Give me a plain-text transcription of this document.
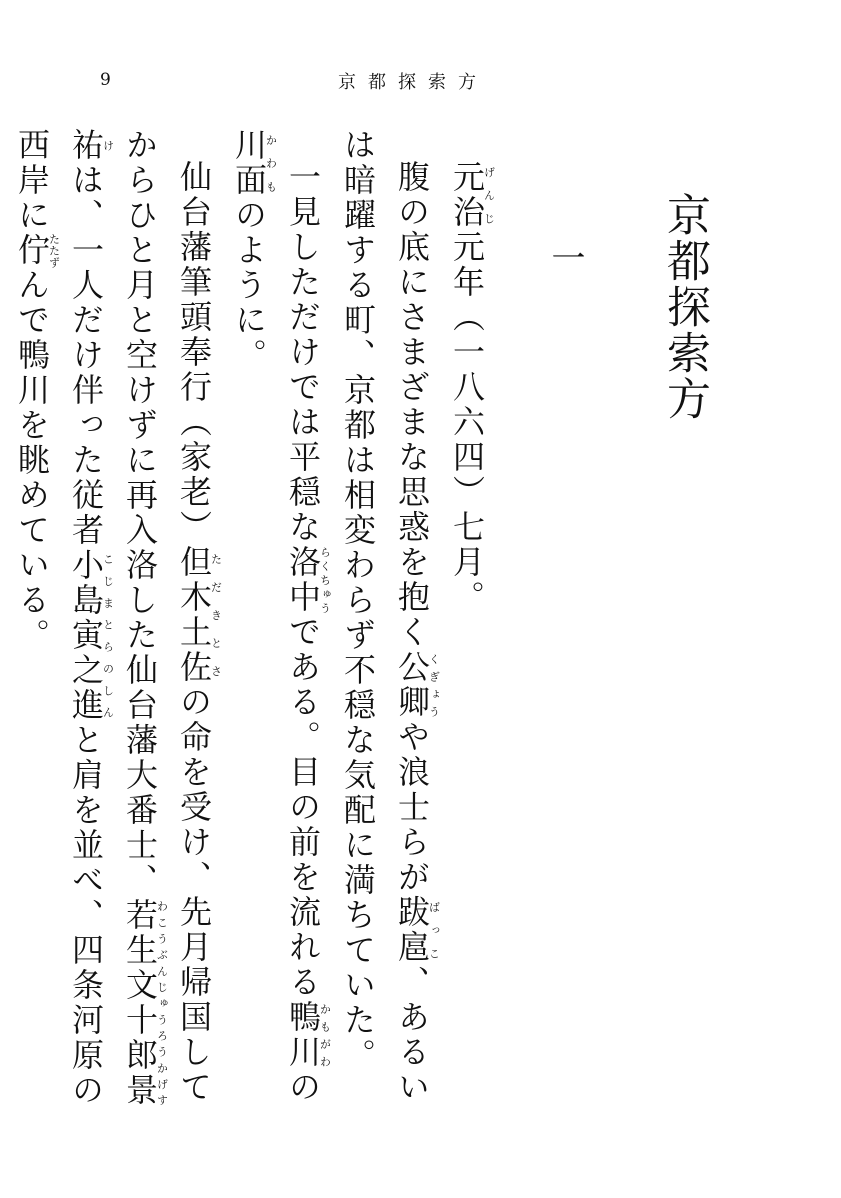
9	京都探索方
京都探索方
一

元治げんじ元年（一八六四）七月。

腹の底にさまざまな思惑を抱く公卿くぎょうや浪士らが跋扈ばっこ、あるいは暗躍する町、京都は相変わらず不穏な気配に満ちていた。

一見しただけでは平穏な洛中らくちゅうである。目の前を流れる鴨川かもがわの川面かわものように。

仙台藩筆頭奉行（家老）但木土佐ただきとさの命を受け、先月帰国してからひと月と空けずに再入洛した仙台藩大番士、若生文十郎景祐わこうぶんじゅうろうかげすけは、一人だけ伴った従者小島寅之進こじまとらのしんと肩を並べ、四条河原の西岸に佇たたずんで鴨川を眺めている。
